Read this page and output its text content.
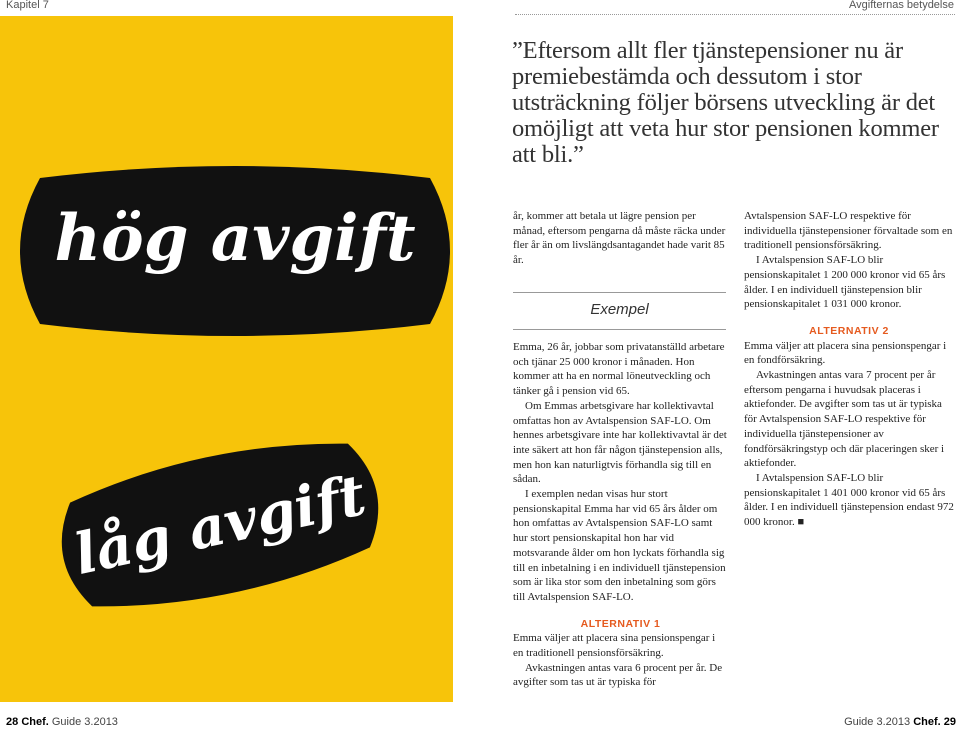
Kapitel 7	Avgifternas betydelse
hög avgift
låg avgift

”Eftersom allt fler tjänstepensioner nu är premiebestämda och dessutom i stor utsträckning följer börsens utveckling är det omöjligt att veta hur stor pensionen kommer att bli.”

år, kommer att betala ut lägre pension per månad, eftersom pengarna då måste räcka under fler år än om livslängdsantagandet hade varit 85 år.

Exempel

Emma, 26 år, jobbar som privatanställd arbetare och tjänar 25 000 kronor i månaden. Hon kommer att ha en normal löneutveckling och tänker gå i pension vid 65.

Om Emmas arbetsgivare har kollektivavtal omfattas hon av Avtalspension SAF-LO. Om hennes arbetsgivare inte har kollektivavtal är det inte säkert att hon får någon tjänstepension alls, men hon kan naturligtvis förhandla sig till en sådan.

I exemplen nedan visas hur stort pensionskapital Emma har vid 65 års ålder om hon omfattas av Avtalspension SAF-LO samt hur stort pensionskapital hon har vid motsvarande ålder om hon lyckats förhandla sig till en inbetalning i en individuell tjänstepension som är lika stor som den inbetalning som görs till Avtalspension SAF-LO.

ALTERNATIV 1

Emma väljer att placera sina pensionspengar i en traditionell pensionsförsäkring.

Avkastningen antas vara 6 procent per år. De avgifter som tas ut är typiska för

Avtalspension SAF-LO respektive för individuella tjänstepensioner förvaltade som en traditionell pensionsförsäkring.

I Avtalspension SAF-LO blir pensionskapitalet 1 200 000 kronor vid 65 års ålder. I en individuell tjänstepension blir pensionskapitalet 1 031 000 kronor.

ALTERNATIV 2

Emma väljer att placera sina pensionspengar i en fondförsäkring.

Avkastningen antas vara 7 procent per år eftersom pengarna i huvudsak placeras i aktiefonder. De avgifter som tas ut är typiska för Avtalspension SAF-LO respektive för individuella tjänstepensioner av fondförsäkringstyp och där placeringen sker i aktiefonder.

I Avtalspension SAF-LO blir pensionskapitalet 1 401 000 kronor vid 65 års ålder. I en individuell tjänstepension endast 972 000 kronor. ■

28 Chef. Guide 3.2013	Guide 3.2013 Chef. 29
